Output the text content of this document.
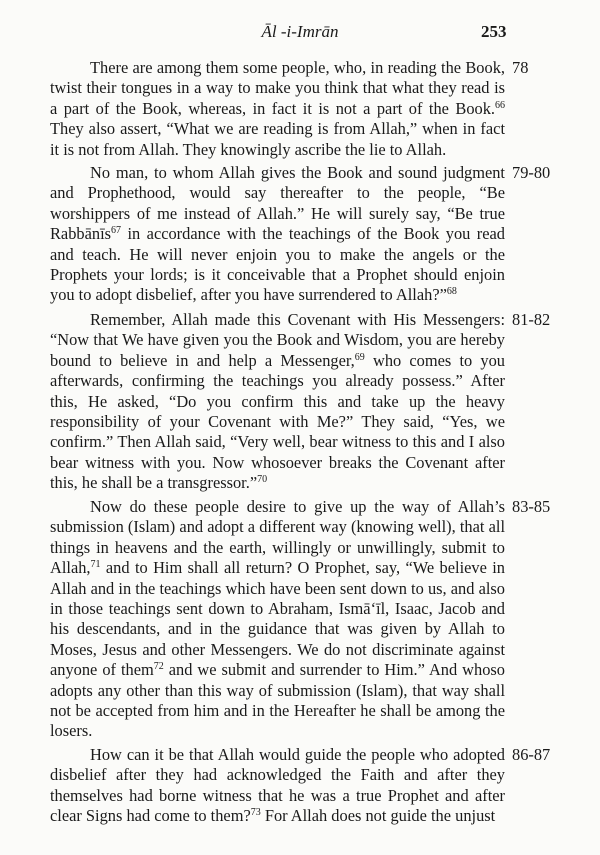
Āl -i-Imrān	253

There are among them some people, who, in reading the Book, twist their tongues in a way to make you think that what they read is a part of the Book, whereas, in fact it is not a part of the Book.$^{66}$ They also assert, “What we are reading is from Allah,” when in fact it is not from Allah. They knowingly ascribe the lie to Allah.

78

No man, to whom Allah gives the Book and sound judgment and Prophethood, would say thereafter to the people, “Be worshippers of me instead of Allah.” He will surely say, “Be true Rabbānīs$^{67}$ in accordance with the teachings of the Book you read and teach. He will never enjoin you to make the angels or the Prophets your lords; is it conceivable that a Prophet should enjoin you to adopt disbelief, after you have surrendered to Allah?”$^{68}$

79-80

Remember, Allah made this Covenant with His Messengers: “Now that We have given you the Book and Wisdom, you are hereby bound to believe in and help a Messenger,$^{69}$ who comes to you afterwards, confirming the teachings you already possess.” After this, He asked, “Do you confirm this and take up the heavy responsibility of your Covenant with Me?” They said, “Yes, we confirm.” Then Allah said, “Very well, bear witness to this and I also bear witness with you. Now whosoever breaks the Covenant after this, he shall be a transgressor.”$^{70}$

81-82

Now do these people desire to give up the way of Allah’s submission (Islam) and adopt a different way (knowing well), that all things in heavens and the earth, willingly or unwillingly, submit to Allah,$^{71}$ and to Him shall all return? O Prophet, say, “We believe in Allah and in the teachings which have been sent down to us, and also in those teachings sent down to Abraham, Ismā‘īl, Isaac, Jacob and his descendants, and in the guidance that was given by Allah to Moses, Jesus and other Messengers. We do not discriminate against anyone of them$^{72}$ and we submit and surrender to Him.” And whoso adopts any other than this way of submission (Islam), that way shall not be accepted from him and in the Hereafter he shall be among the losers.

83-85

How can it be that Allah would guide the people who adopted disbelief after they had acknowledged the Faith and after they themselves had borne witness that he was a true Prophet and after clear Signs had come to them?$^{73}$ For Allah does not guide the unjust

86-87
